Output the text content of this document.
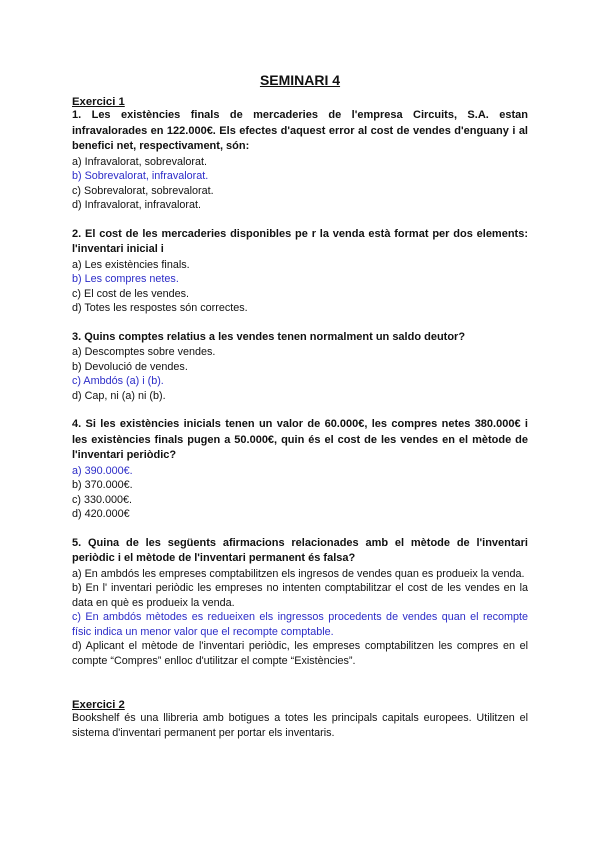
SEMINARI 4
Exercici 1

1. Les existències finals de mercaderies de l'empresa Circuits, S.A. estan infravalorades en 122.000€. Els efectes d'aquest error al cost de vendes d'enguany i al benefici net, respectivament, són:

a) Infravalorat, sobrevalorat.

b) Sobrevalorat, infravalorat.

c) Sobrevalorat, sobrevalorat.

d) Infravalorat, infravalorat.

2. El cost de les mercaderies disponibles pe r la venda està format per dos elements: l'inventari inicial i

a) Les existències finals.

b) Les compres netes.

c) El cost de les vendes.

d) Totes les respostes són correctes.

3. Quins comptes relatius a les vendes tenen normalment un saldo deutor?

a) Descomptes sobre vendes.

b) Devolució de vendes.

c) Ambdós (a) i (b).

d) Cap, ni (a) ni (b).

4. Si les existències inicials tenen un valor de 60.000€, les compres netes 380.000€ i les existències finals pugen a 50.000€, quin és el cost de les vendes en el mètode de l'inventari periòdic?

a) 390.000€.

b) 370.000€.

c) 330.000€.

d) 420.000€

5. Quina de les següents afirmacions relacionades amb el mètode de l'inventari periòdic i el mètode de l'inventari permanent és falsa?

a) En ambdós les empreses comptabilitzen els ingresos de vendes quan es produeix la venda.

b) En l' inventari periòdic les empreses no intenten comptabilitzar el cost de les vendes en la data en què es produeix la venda.

c) En ambdós mètodes es redueixen els ingressos procedents de vendes quan el recompte físic indica un menor valor que el recompte comptable.

d) Aplicant el mètode de l'inventari periòdic, les empreses comptabilitzen les compres en el compte “Compres” enlloc d'utilitzar el compte “Existències”.

Exercici 2

Bookshelf és una llibreria amb botigues a totes les principals capitals europees. Utilitzen el sistema d'inventari permanent per portar els inventaris.
